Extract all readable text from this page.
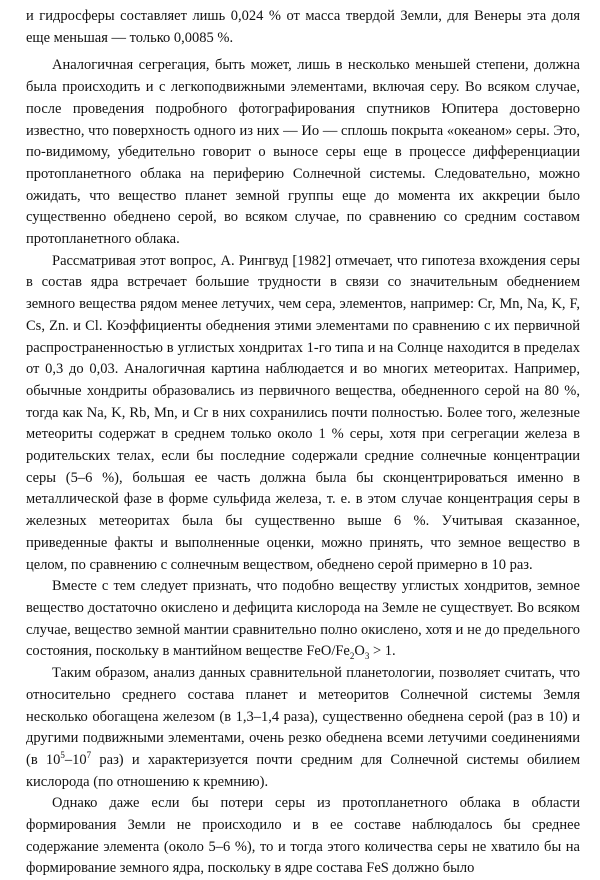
и гидросферы составляет лишь 0,024 % от масса твердой Земли, для Венеры эта доля еще меньшая — только 0,0085 %.

Аналогичная сегрегация, быть может, лишь в несколько меньшей степени, должна была происходить и с легкоподвижными элементами, включая серу. Во всяком случае, после проведения подробного фотографирования спутников Юпитера достоверно известно, что поверхность одного из них — Ио — сплошь покрыта «океаном» серы. Это, по-видимому, убедительно говорит о выносе серы еще в процессе дифференциации протопланетного облака на периферию Солнечной системы. Следовательно, можно ожидать, что вещество планет земной группы еще до момента их аккреции было существенно обеднено серой, во всяком случае, по сравнению со средним составом протопланетного облака.

Рассматривая этот вопрос, А. Рингвуд [1982] отмечает, что гипотеза вхождения серы в состав ядра встречает большие трудности в связи со значительным обеднением земного вещества рядом менее летучих, чем сера, элементов, например: Cr, Mn, Na, K, F, Cs, Zn. и Cl. Коэффициенты обеднения этими элементами по сравнению с их первичной распространенностью в углистых хондритах 1-го типа и на Солнце находится в пределах от 0,3 до 0,03. Аналогичная картина наблюдается и во многих метеоритах. Например, обычные хондриты образовались из первичного вещества, обедненного серой на 80 %, тогда как Na, K, Rb, Mn, и Cr в них сохранились почти полностью. Более того, железные метеориты содержат в среднем только около 1 % серы, хотя при сегрегации железа в родительских телах, если бы последние содержали средние солнечные концентрации серы (5–6 %), большая ее часть должна была бы сконцентрироваться именно в металлической фазе в форме сульфида железа, т. е. в этом случае концентрация серы в железных метеоритах была бы существенно выше 6 %. Учитывая сказанное, приведенные факты и выполненные оценки, можно принять, что земное вещество в целом, по сравнению с солнечным веществом, обеднено серой примерно в 10 раз.

Вместе с тем следует признать, что подобно веществу углистых хондритов, земное вещество достаточно окислено и дефицита кислорода на Земле не существует. Во всяком случае, вещество земной мантии сравнительно полно окислено, хотя и не до предельного состояния, поскольку в мантийном веществе FeO/$Fe_2O_3 > 1$.

Таким образом, анализ данных сравнительной планетологии, позволяет считать, что относительно среднего состава планет и метеоритов Солнечной системы Земля несколько обогащена железом (в 1,3–1,4 раза), существенно обеднена серой (раз в 10) и другими подвижными элементами, очень резко обеднена всеми летучими соединениями (в $10^5-10^7$ раз) и характеризуется почти средним для Солнечной системы обилием кислорода (по отношению к кремнию).

Однако даже если бы потери серы из протопланетного облака в области формирования Земли не происходило и в ее составе наблюдалось бы среднее содержание элемента (около 5–6 %), то и тогда этого количества серы не хватило бы на формирование земного ядра, поскольку в ядре состава FeS должно было
